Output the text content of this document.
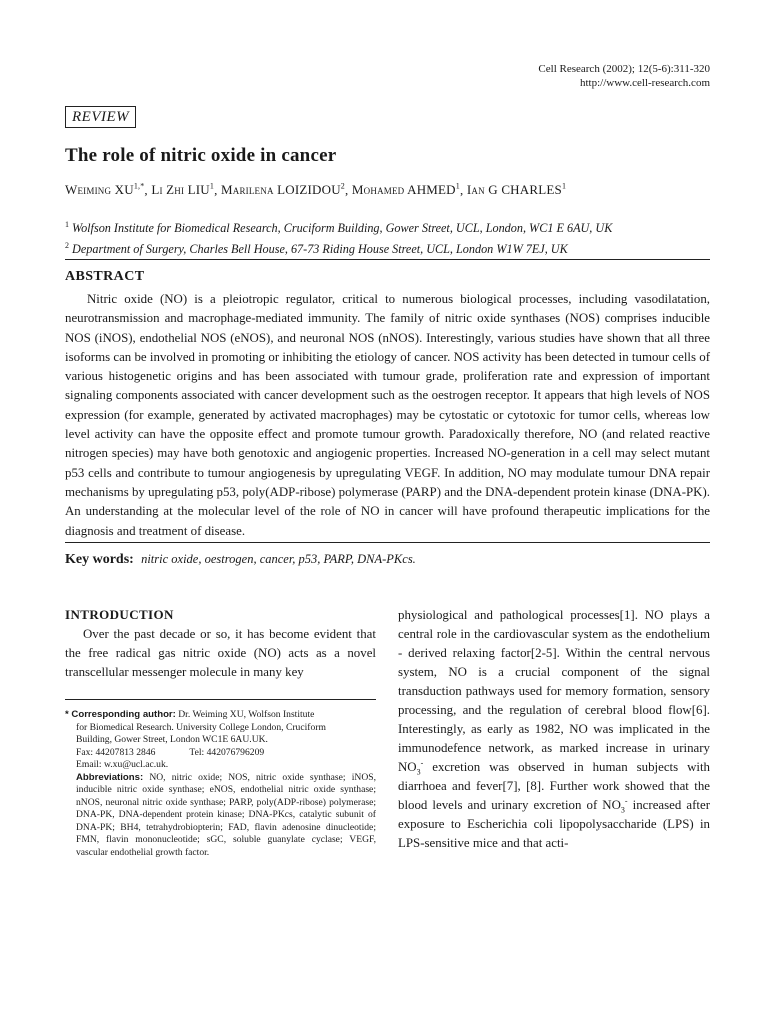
Cell Research (2002); 12(5-6):311-320
http://www.cell-research.com
REVIEW
The role of nitric oxide in cancer
Weiming $XU^{1,*}$, Li Zhi LIU$^1$, Marilena LOIZIDOU$^2$, Mohamed AHMED$^1$, Ian G CHARLES$^1$
$^1$ Wolfson Institute for Biomedical Research, Cruciform Building, Gower Street, UCL, London, WC1 E 6AU, UK
$^2$ Department of Surgery, Charles Bell House, 67-73 Riding House Street, UCL, London W1W 7EJ, UK
ABSTRACT

Nitric oxide (NO) is a pleiotropic regulator, critical to numerous biological processes, including vasodilatation, neurotransmission and macrophage-mediated immunity. The family of nitric oxide synthases (NOS) comprises inducible NOS (iNOS), endothelial NOS (eNOS), and neuronal NOS (nNOS). Interestingly, various studies have shown that all three isoforms can be involved in promoting or inhibiting the etiology of cancer. NOS activity has been detected in tumour cells of various histogenetic origins and has been associated with tumour grade, proliferation rate and expression of important signaling components associated with cancer development such as the oestrogen receptor. It appears that high levels of NOS expression (for example, generated by activated macrophages) may be cytostatic or cytotoxic for tumor cells, whereas low level activity can have the opposite effect and promote tumour growth. Paradoxically therefore, NO (and related reactive nitrogen species) may have both genotoxic and angiogenic properties. Increased NO-generation in a cell may select mutant p53 cells and contribute to tumour angiogenesis by upregulating VEGF. In addition, NO may modulate tumour DNA repair mechanisms by upregulating p53, poly(ADP-ribose) polymerase (PARP) and the DNA-dependent protein kinase (DNA-PK). An understanding at the molecular level of the role of NO in cancer will have profound therapeutic implications for the diagnosis and treatment of disease.

Key words: nitric oxide, oestrogen, cancer, p53, PARP, DNA-PKcs.
INTRODUCTION

Over the past decade or so, it has become evident that the free radical gas nitric oxide (NO) acts as a novel transcellular messenger molecule in many key

* Corresponding author: Dr. Weiming XU, Wolfson Institute

for Biomedical Research. University College London, Cruciform

Building, Gower Street, London WC1E 6AU.UK.

Fax: 44207813 2846	Tel: 442076796209

Email: w.xu@ucl.ac.uk.

Abbreviations: NO, nitric oxide; NOS, nitric oxide synthase; iNOS, inducible nitric oxide synthase; eNOS, endothelial nitric oxide synthase; nNOS, neuronal nitric oxide synthase; PARP, poly(ADP-ribose) polymerase; DNA-PK, DNA-dependent protein kinase; DNA-PKcs, catalytic subunit of DNA-PK; BH4, tetrahydrobiopterin; FAD, flavin adenosine dinucleotide; FMN, flavin mononucleotide; sGC, soluble guanylate cyclase; VEGF, vascular endothelial growth factor.

physiological and pathological processes[1]. NO plays a central role in the cardiovascular system as the endothelium - derived relaxing factor[2-5]. Within the central nervous system, NO is a crucial component of the signal transduction pathways used for memory formation, sensory processing, and the regulation of cerebral blood flow[6]. Interestingly, as early as 1982, NO was implicated in the immunodefence network, as marked increase in urinary $NO_3^-$ excretion was observed in human subjects with diarrhoea and fever[7], [8]. Further work showed that the blood levels and urinary excretion of $NO_3^-$ increased after exposure to Escherichia coli lipopolysaccharide (LPS) in LPS-sensitive mice and that acti-
